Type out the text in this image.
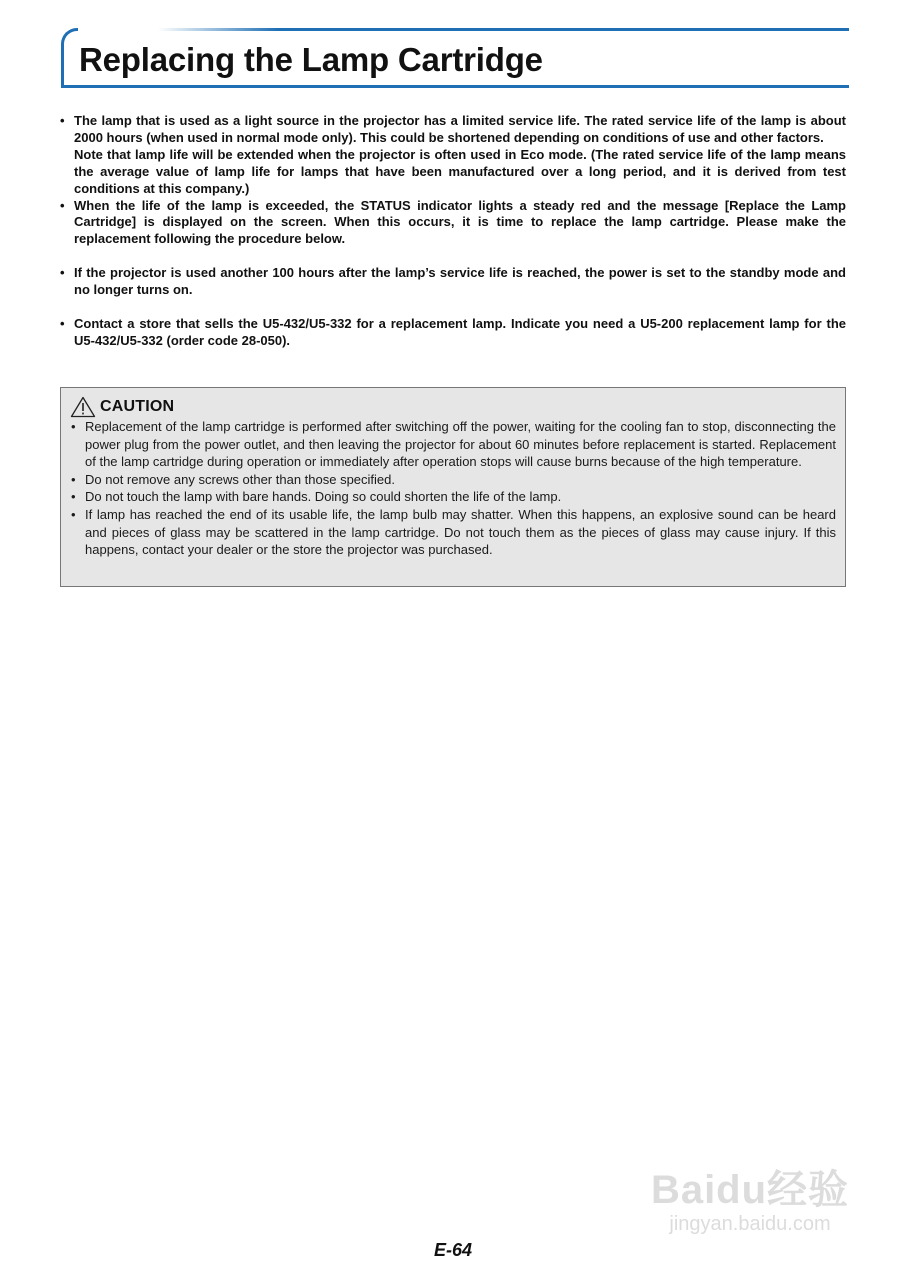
Replacing the Lamp Cartridge
• The lamp that is used as a light source in the projector has a limited service life. The rated service life of the lamp is about 2000 hours (when used in normal mode only). This could be shortened depending on conditions of use and other factors.

Note that lamp life will be extended when the projector is often used in Eco mode. (The rated service life of the lamp means the average value of lamp life for lamps that have been manufactured over a long period, and it is derived from test conditions at this company.)

• When the life of the lamp is exceeded, the STATUS indicator lights a steady red and the message [Replace the Lamp Cartridge] is displayed on the screen. When this occurs, it is time to replace the lamp cartridge. Please make the replacement following the procedure below.

• If the projector is used another 100 hours after the lamp’s service life is reached, the power is set to the standby mode and no longer turns on.

• Contact a store that sells the U5-432/U5-332 for a replacement lamp. Indicate you need a U5-200 replacement lamp for the U5-432/U5-332 (order code 28-050).

CAUTION
• Replacement of the lamp cartridge is performed after switching off the power, waiting for the cooling fan to stop, disconnecting the power plug from the power outlet, and then leaving the projector for about 60 minutes before replacement is started. Replacement of the lamp cartridge during operation or immediately after operation stops will cause burns because of the high temperature.
• Do not remove any screws other than those specified.
• Do not touch the lamp with bare hands. Doing so could shorten the life of the lamp.
• If lamp has reached the end of its usable life, the lamp bulb may shatter. When this happens, an explosive sound can be heard and pieces of glass may be scattered in the lamp cartridge. Do not touch them as the pieces of glass may cause injury. If this happens, contact your dealer or the store the projector was purchased.
Baidu经验
jingyan.baidu.com
E-64
